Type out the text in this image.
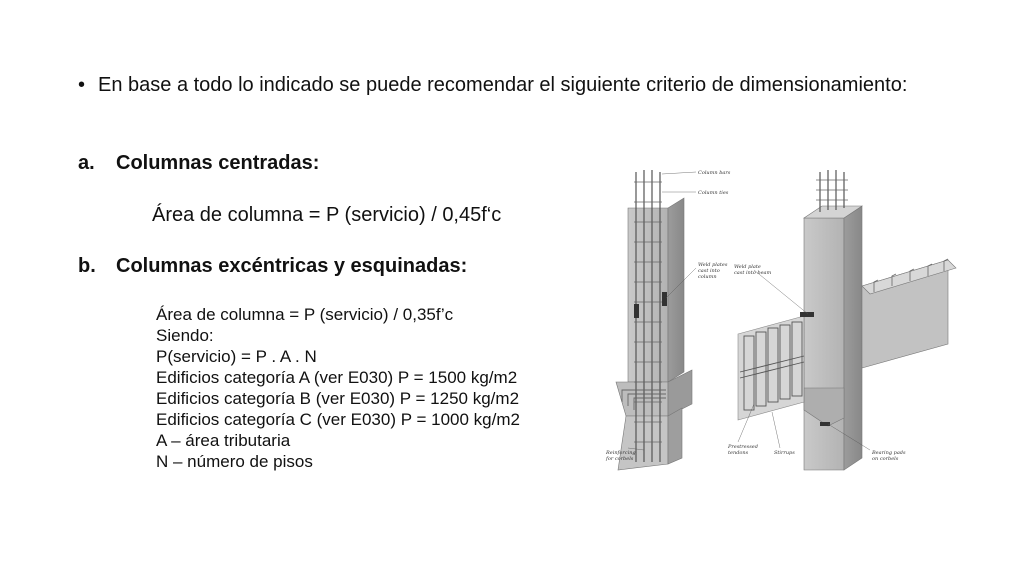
• En base a todo lo indicado se puede recomendar el siguiente criterio de dimensionamiento:
a. Columnas centradas:
Área de columna = P (servicio) / 0,45f‘c
b. Columnas excéntricas y esquinadas:
Área de columna = P (servicio) / 0,35f’c
Siendo:
P(servicio) = P . A . N
Edificios categoría A (ver E030) P = 1500 kg/m2
Edificios categoría B (ver E030) P = 1250 kg/m2
Edificios categoría C (ver E030) P = 1000 kg/m2
A – área tributaria
N – número de pisos
Column bars
Column ties
Weld plates
cast into
column
Weld plate
cast into beam
Reinforcing
for corbels
Prestressed
tendons	Stirrups	Bearing pads
on corbels
